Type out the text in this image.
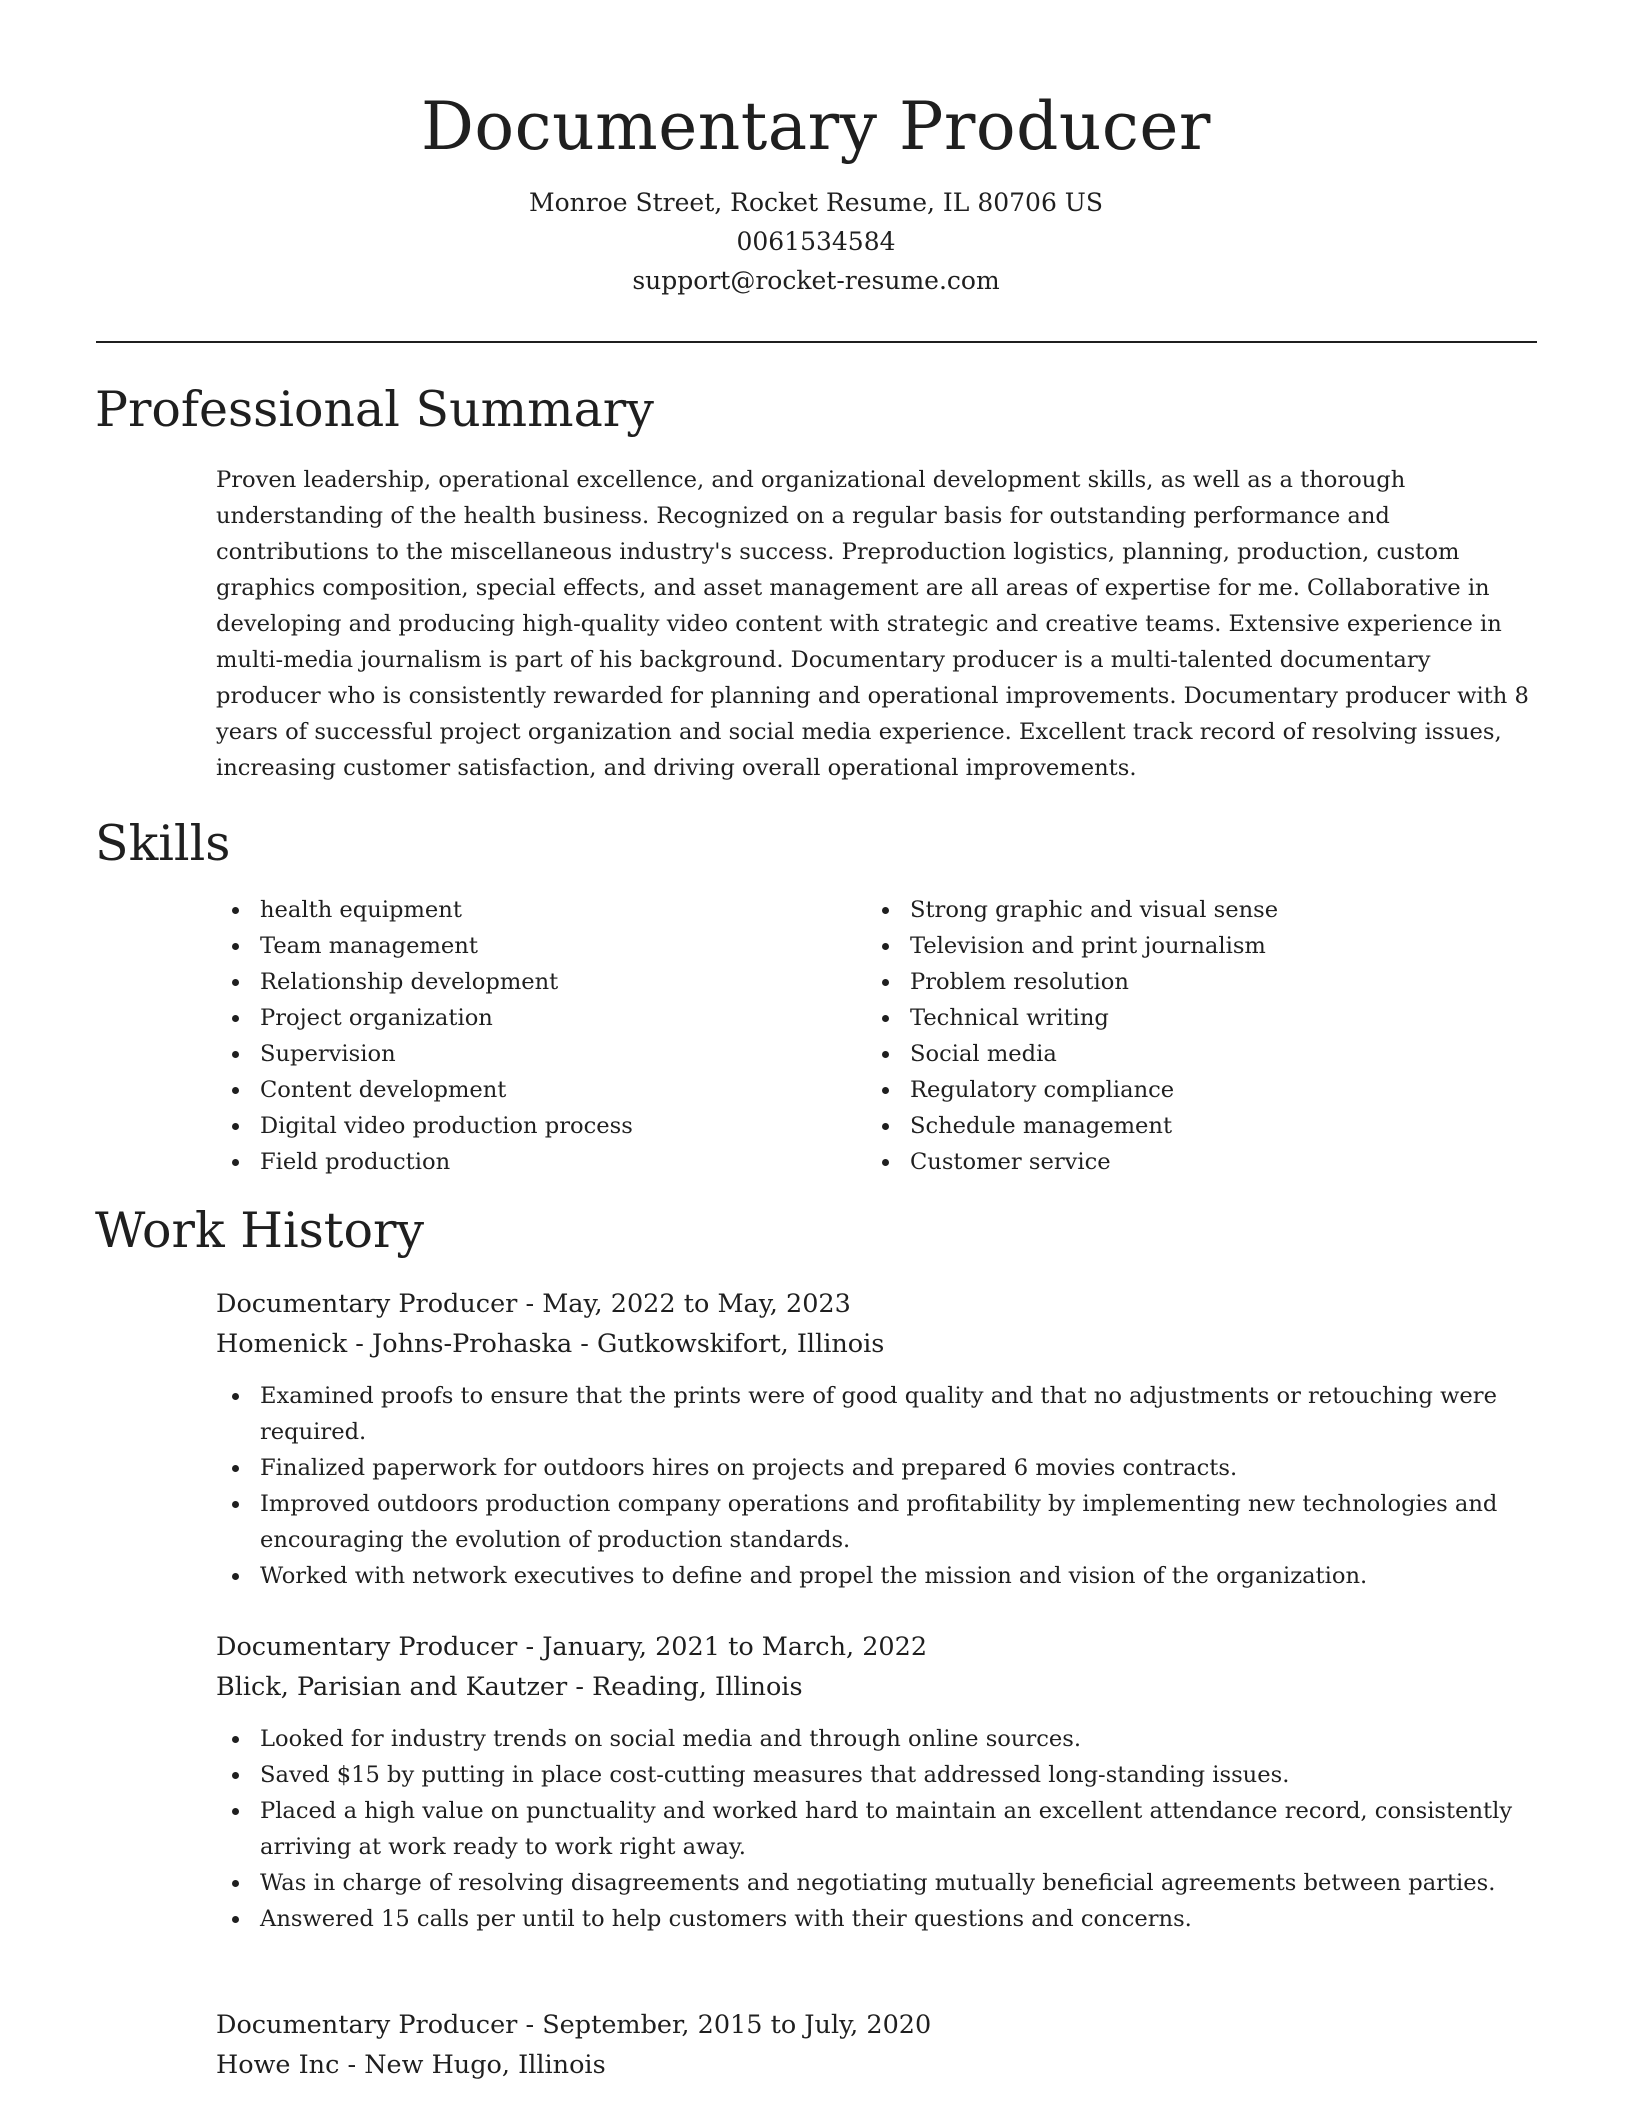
Documentary Producer
Monroe Street, Rocket Resume, IL 80706 US
0061534584
support@rocket-resume.com
Professional Summary

Proven leadership, operational excellence, and organizational development skills, as well as a thorough understanding of the health business. Recognized on a regular basis for outstanding performance and contributions to the miscellaneous industry's success. Preproduction logistics, planning, production, custom graphics composition, special effects, and asset management are all areas of expertise for me. Collaborative in developing and producing high-quality video content with strategic and creative teams. Extensive experience in multi-media journalism is part of his background. Documentary producer is a multi-talented documentary producer who is consistently rewarded for planning and operational improvements. Documentary producer with 8 years of successful project organization and social media experience. Excellent track record of resolving issues, increasing customer satisfaction, and driving overall operational improvements.

Skills
health equipment
Team management
Relationship development
Project organization
Supervision
Content development
Digital video production process
Field production
Strong graphic and visual sense
Television and print journalism
Problem resolution
Technical writing
Social media
Regulatory compliance
Schedule management
Customer service
Work History
Documentary Producer - May, 2022 to May, 2023
Homenick - Johns-Prohaska - Gutkowskifort, Illinois
Examined proofs to ensure that the prints were of good quality and that no adjustments or retouching were required.
Finalized paperwork for outdoors hires on projects and prepared 6 movies contracts.
Improved outdoors production company operations and profitability by implementing new technologies and encouraging the evolution of production standards.
Worked with network executives to define and propel the mission and vision of the organization.
Documentary Producer - January, 2021 to March, 2022
Blick, Parisian and Kautzer - Reading, Illinois
Looked for industry trends on social media and through online sources.
Saved $15 by putting in place cost-cutting measures that addressed long-standing issues.
Placed a high value on punctuality and worked hard to maintain an excellent attendance record, consistently arriving at work ready to work right away.
Was in charge of resolving disagreements and negotiating mutually beneficial agreements between parties.
Answered 15 calls per until to help customers with their questions and concerns.
Documentary Producer - September, 2015 to July, 2020
Howe Inc - New Hugo, Illinois
